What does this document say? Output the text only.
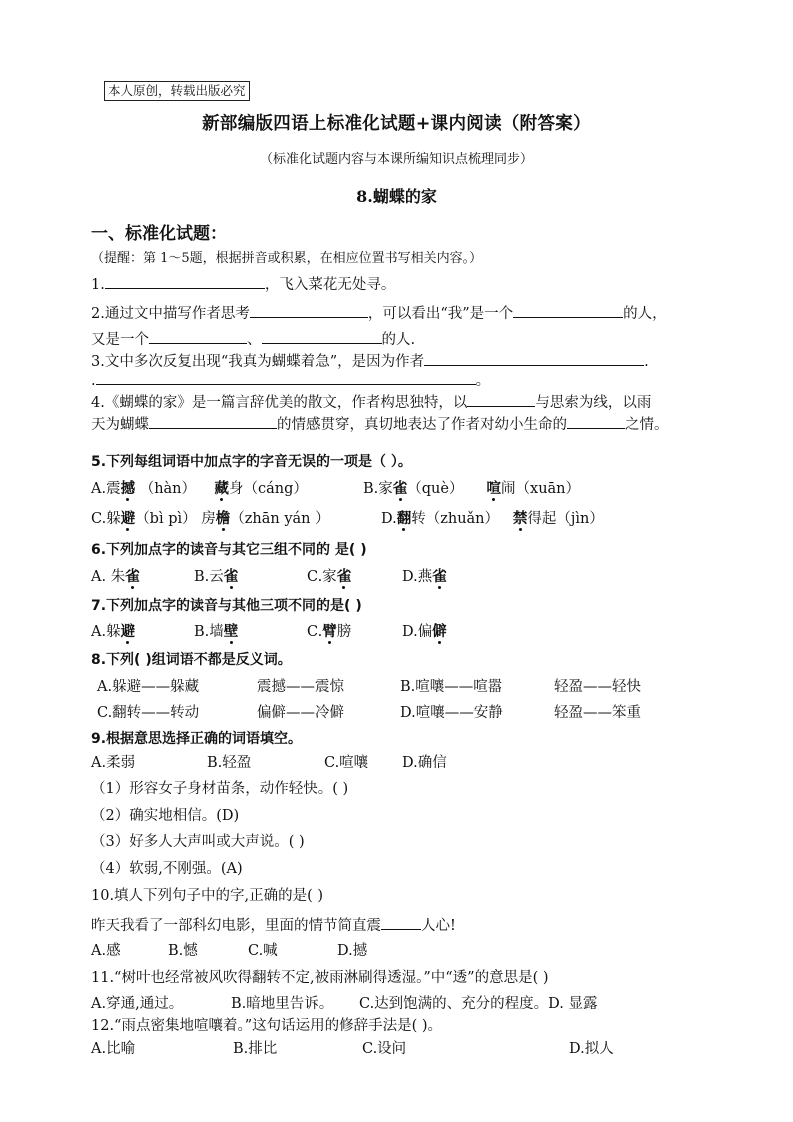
本人原创，转载出版必究
新部编版四语上标准化试题+课内阅读（附答案）
（标准化试题内容与本课所编知识点梳理同步）
8.蝴蝶的家
一、标准化试题：
（提醒：第 1～5题，根据拼音或积累，在相应位置书写相关内容。）
1.	，飞入菜花无处寻。
2.通过文中描写作者思考	，可以看出“我”是一个	的人，
又是一个	、	的人.
3.文中多次反复出现“我真为蝴蝶着急”，是因为作者	.
.	。
4.《蝴蝶的家》是一篇言辞优美的散文，作者构思独特，以	与思索为线，以雨
天为蝴蝶	的情感贯穿，真切地表达了作者对幼小生命的	之情。
5.下列每组词语中加点字的字音无误的一项是（ ）。
A.震撼 （hàn） 藏身（cáng）	B.家雀（què） 喧闹（xuān）
C.躲避（bì pì） 房檐（zhān yán ）	D.翻转（zhuǎn） 禁得起（jìn）
6.下列加点字的读音与其它三组不同的 是( )
A. 朱雀	B.云雀	C.家雀	D.燕雀
7.下列加点字的读音与其他三项不同的是( )
A.躲避	B.墙壁	C.臂膀	D.偏僻
8.下列( )组词语不都是反义词。
A.躲避——躲藏	震撼——震惊	B.喧嚷——喧嚣	轻盈——轻快
C.翻转——转动	偏僻——冷僻	D.喧嚷——安静	轻盈——笨重
9.根据意思选择正确的词语填空。
A.柔弱	B.轻盈	C.喧嚷 D.确信
（1）形容女子身材苗条，动作轻快。( )
（2）确实地相信。(D)
（3）好多人大声叫或大声说。( )
（4）软弱,不刚强。(A)
10.填人下列句子中的字,正确的是( )
昨天我看了一部科幻电影，里面的情节简直震	人心!
A.感	B.憾	C.喊	D.撼
11.“树叶也经常被风吹得翻转不定,被雨淋刷得透湿。”中“透”的意思是( )
A.穿通,通过。	B.暗地里告诉。 C.达到饱满的、充分的程度。D. 显露
12.“雨点密集地喧嚷着。”这句话运用的修辞手法是( )。
A.比喻	B.排比	C.设问	D.拟人
